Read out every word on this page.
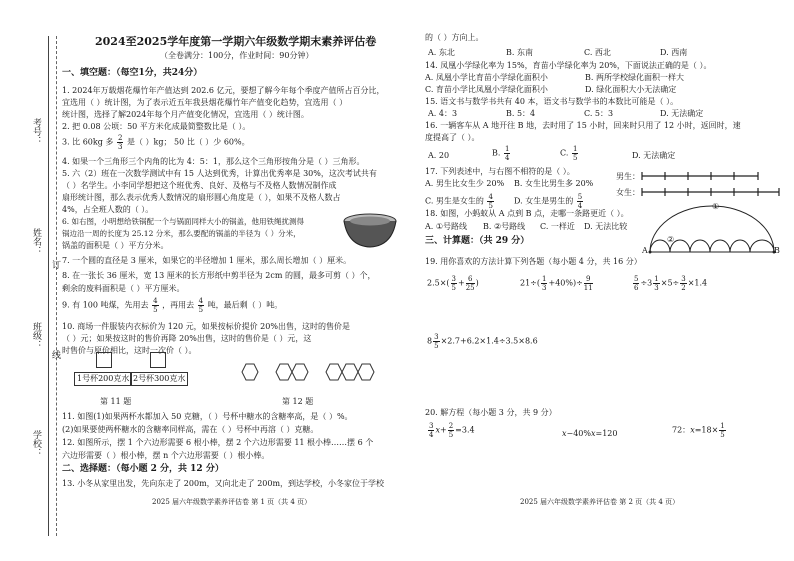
考号：
姓名：
订
班级：
线
学校：
2024至2025学年度第一学期六年级数学期末素养评估卷
（全卷满分：100分，作业时间：90分钟）
一、填空题：（每空1分，共24分）
1. 2024年万载烟花爆竹年产值达到 202.6 亿元，要想了解今年每个季度产值所占百分比，
宜选用（ ）统计图，为了表示近五年我县烟花爆竹年产值变化趋势，宜选用（ ）
统计图，选择了解2024年每个月产值变化情况，宜选用（ ）统计图。
2. 把 0.08 公顷：50 平方米化成最简整数比是（ ）。
3. 比 60kg 多 $\frac{2}{3}$ 是（ ）kg； 50 比（ ）少 60%。
4. 如果一个三角形三个内角的比为 4：5：1，那么这个三角形按角分是（ ）三角形。
5. 六（2）班在一次数学测试中有 15 人达到优秀，计算出优秀率是 30%，这次考试共有
（ ）名学生。小李同学想把这个班优秀、良好、及格与不及格人数情况制作成
扇形统计图，那么表示优秀人数情况的扇形圆心角度是（ ），如果不及格人数占
4%，占全班人数的（ ）。
6. 如右图，小明想给铁锅配一个与锅面同样大小的锅盖，他用铁绳扰测得
锅边沿一周的长度为 25.12 分米，那么要配的锅盖的半径为（ ）分米，
锅盖的面积是（ ）平方分米。
7. 一个圆的直径是 3 厘米，如果它的半径增加 1 厘米，那么周长增加（ ）厘米。
8. 在一张长 36 厘米，宽 13 厘米的长方形纸中剪半径为 2cm 的圆，最多可剪（ ）个，
剩余的废料面积是（ ）平方厘米。
9. 有 100 吨煤，先用去 $\frac{4}{5}$ ，再用去 $\frac{4}{5}$ 吨，最后剩（ ）吨。
10. 商场一件服装内衣标价为 120 元，如果按标价提价 20%出售，这时的售价是
（ ）元；如果按这时的售价再降 20%出售，这时的售价是（ ）元，这
时售价与原价相比，这时一次价（ ）。
1号杯200克水 2号杯300克水
第 11 题	第 12 题
11. 如图(1)如果两杯水都加入 50 克糖，（ ）号杯中糖水的含糖率高，是（ ）%。
(2)如果要使两杯糖水的含糖率同样高，需在（ ）号杯中再溶（ ）克糖。
12. 如图所示，摆 1 个六边形需要 6 根小棒，摆 2 个六边形需要 11 根小棒……摆 6 个
六边形需要（ ）根小棒，摆 n 个六边形需要（ ）根小棒。
二、选择题：（每小题 2 分，共 12 分）
13. 小冬从家里出发，先向东走了 200m，又向北走了 200m，到达学校，小冬家位于学校
2025 届六年级数学素养评估卷 第 1 页（共 4 页）
的（ ）方向上。
A. 东北	B. 东南	C. 西北	D. 西南
14. 凤凰小学绿化率为 15%，育苗小学绿化率为 20%，下面说法正确的是（ ）。
A. 凤凰小学比育苗小学绿化面积小	B. 两所学校绿化面积一样大
C. 育苗小学比凤凰小学绿化面积小	D. 绿化面积大小无法确定
15. 语文书与数学书共有 40 本，语文书与数学书的本数比可能是（ ）。
A. 4：3	B. 5：4	C. 5：3	D. 无法确定
16. 一辆客车从 A 地开往 B 地，去时用了 15 小时，回来时只用了 12 小时，返回时，速
度提高了（ ）。
A. 20	B. $\frac{1}{4}$	C. $\frac{1}{5}$	D. 无法确定
17. 下列表述中，与右图不相符的是（ ）。
A. 男生比女生少 20% B. 女生比男生多 20%
C. 男生是女生的 $\frac{4}{5}$	D. 女生是男生的 $\frac{5}{4}$
男生：
女生：
18. 如图，小蚂蚁从 A 点到 B 点，走哪一条路更近（ ）。
A. ①号路线 B. ②号路线 C. 一样近 D. 无法比较
A	B
①
②
三、计算题：（共 29 分）
19. 用你喜欢的方法计算下列各题（每小题 4 分，共 16 分）
$2.5\times( \frac{3}{5} + \frac{6}{25}$ )	$21\div( \frac{1}{3} +40\%)\div \frac{9}{11}$	$\frac{5}{6} \div 3 \frac{1}{3} \times 5\div \frac{3}{2} \times 1.4$
$8 \frac{3}{5} \times 2.7+6.2\times 1.4\div 3.5\times 8.6$
20. 解方程（每小题 3 分，共 9 分）
$\frac{3}{4} x+ \frac{2}{5} =3.4$	x−40%x=120	72：$x=18\times \frac{1}{5}$
2025 届六年级数学素养评估卷 第 2 页（共 4 页）
